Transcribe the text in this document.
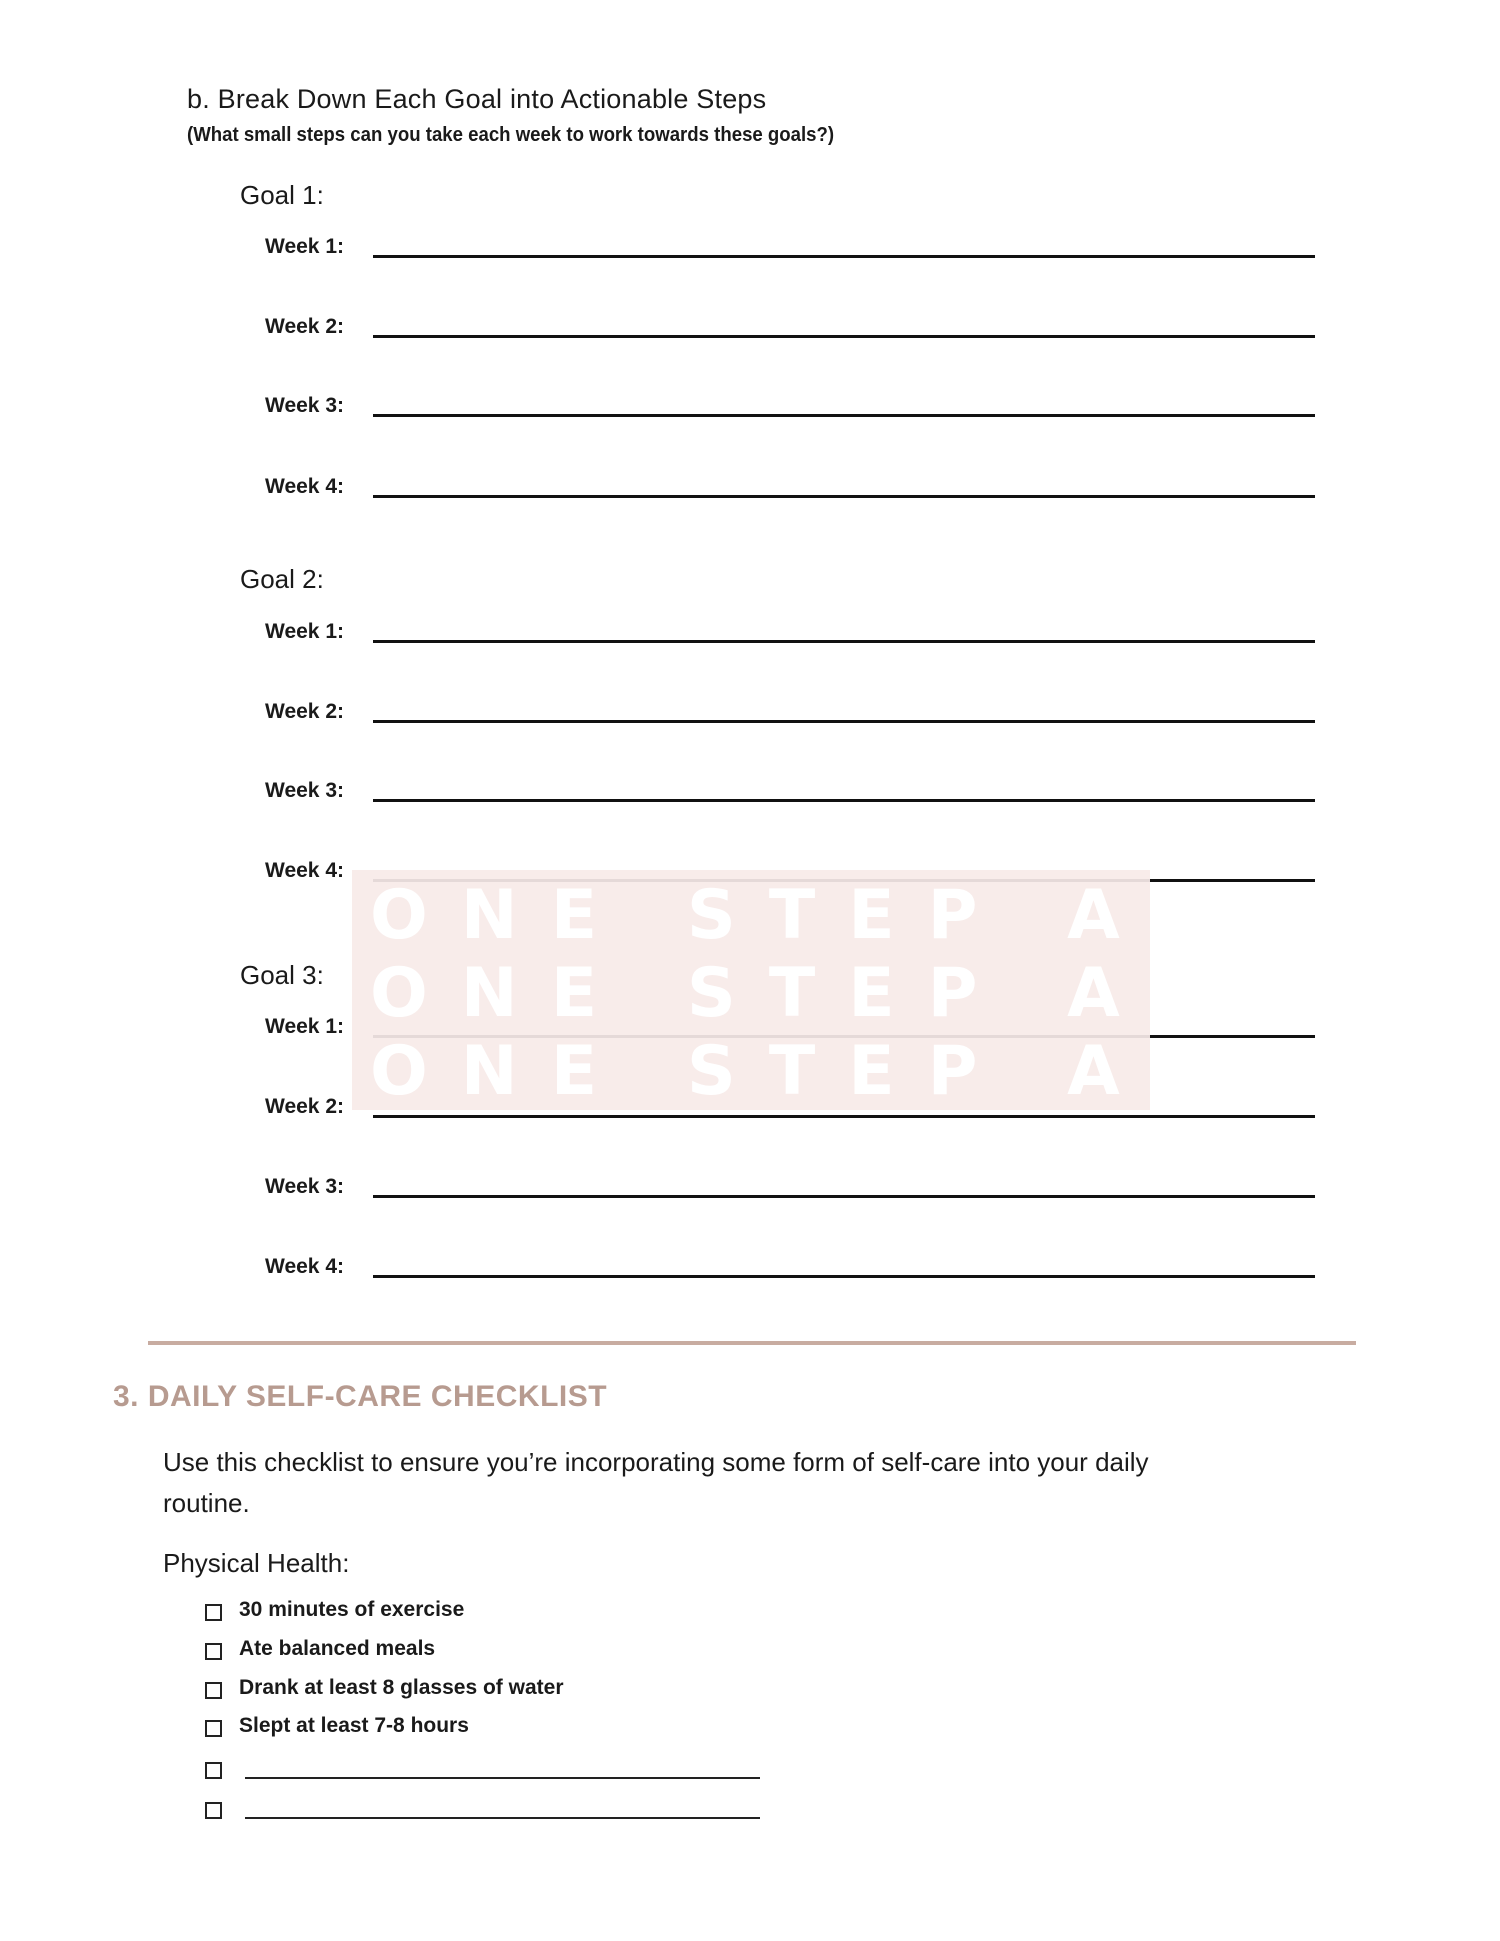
b. Break Down Each Goal into Actionable Steps
(What small steps can you take each week to work towards these goals?)
Goal 1:
Week 1:
Week 2:
Week 3:
Week 4:
Goal 2:
Week 1:
Week 2:
Week 3:
Week 4:
Goal 3:
Week 1:
Week 2:
Week 3:
Week 4:
ONE STEP AHEAD
ONE STEP AHEAD
ONE STEP AHEAD
3. DAILY SELF-CARE CHECKLIST
Use this checklist to ensure you’re incorporating some form of self-care into your daily routine.
Physical Health:
30 minutes of exercise
Ate balanced meals
Drank at least 8 glasses of water
Slept at least 7-8 hours
